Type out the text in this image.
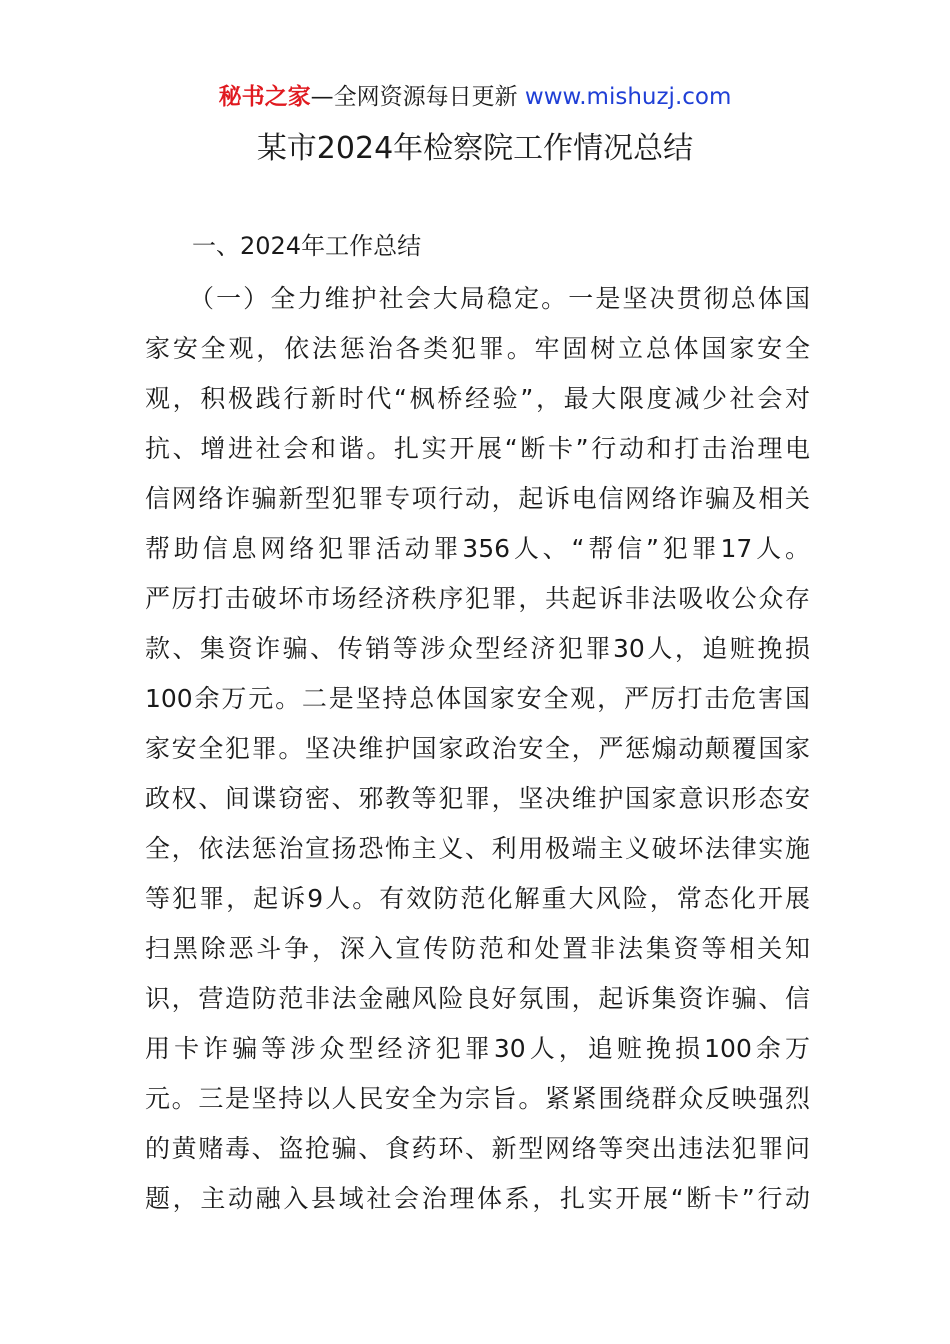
秘书之家—全网资源每日更新 www.mishuzj.com
某市2024年检察院工作情况总结
一、2024年工作总结
（一）全力维护社会大局稳定。一是坚决贯彻总体国
家安全观，依法惩治各类犯罪。牢固树立总体国家安全
观，积极践行新时代“枫桥经验”，最大限度减少社会对
抗、增进社会和谐。扎实开展“断卡”行动和打击治理电
信网络诈骗新型犯罪专项行动，起诉电信网络诈骗及相关
帮助信息网络犯罪活动罪356人、“帮信”犯罪17人。
严厉打击破坏市场经济秩序犯罪，共起诉非法吸收公众存
款、集资诈骗、传销等涉众型经济犯罪30人，追赃挽损
100余万元。二是坚持总体国家安全观，严厉打击危害国
家安全犯罪。坚决维护国家政治安全，严惩煽动颠覆国家
政权、间谍窃密、邪教等犯罪，坚决维护国家意识形态安
全，依法惩治宣扬恐怖主义、利用极端主义破坏法律实施
等犯罪，起诉9人。有效防范化解重大风险，常态化开展
扫黑除恶斗争，深入宣传防范和处置非法集资等相关知
识，营造防范非法金融风险良好氛围，起诉集资诈骗、信
用卡诈骗等涉众型经济犯罪30人，追赃挽损100余万
元。三是坚持以人民安全为宗旨。紧紧围绕群众反映强烈
的黄赌毒、盗抢骗、食药环、新型网络等突出违法犯罪问
题，主动融入县域社会治理体系，扎实开展“断卡”行动
